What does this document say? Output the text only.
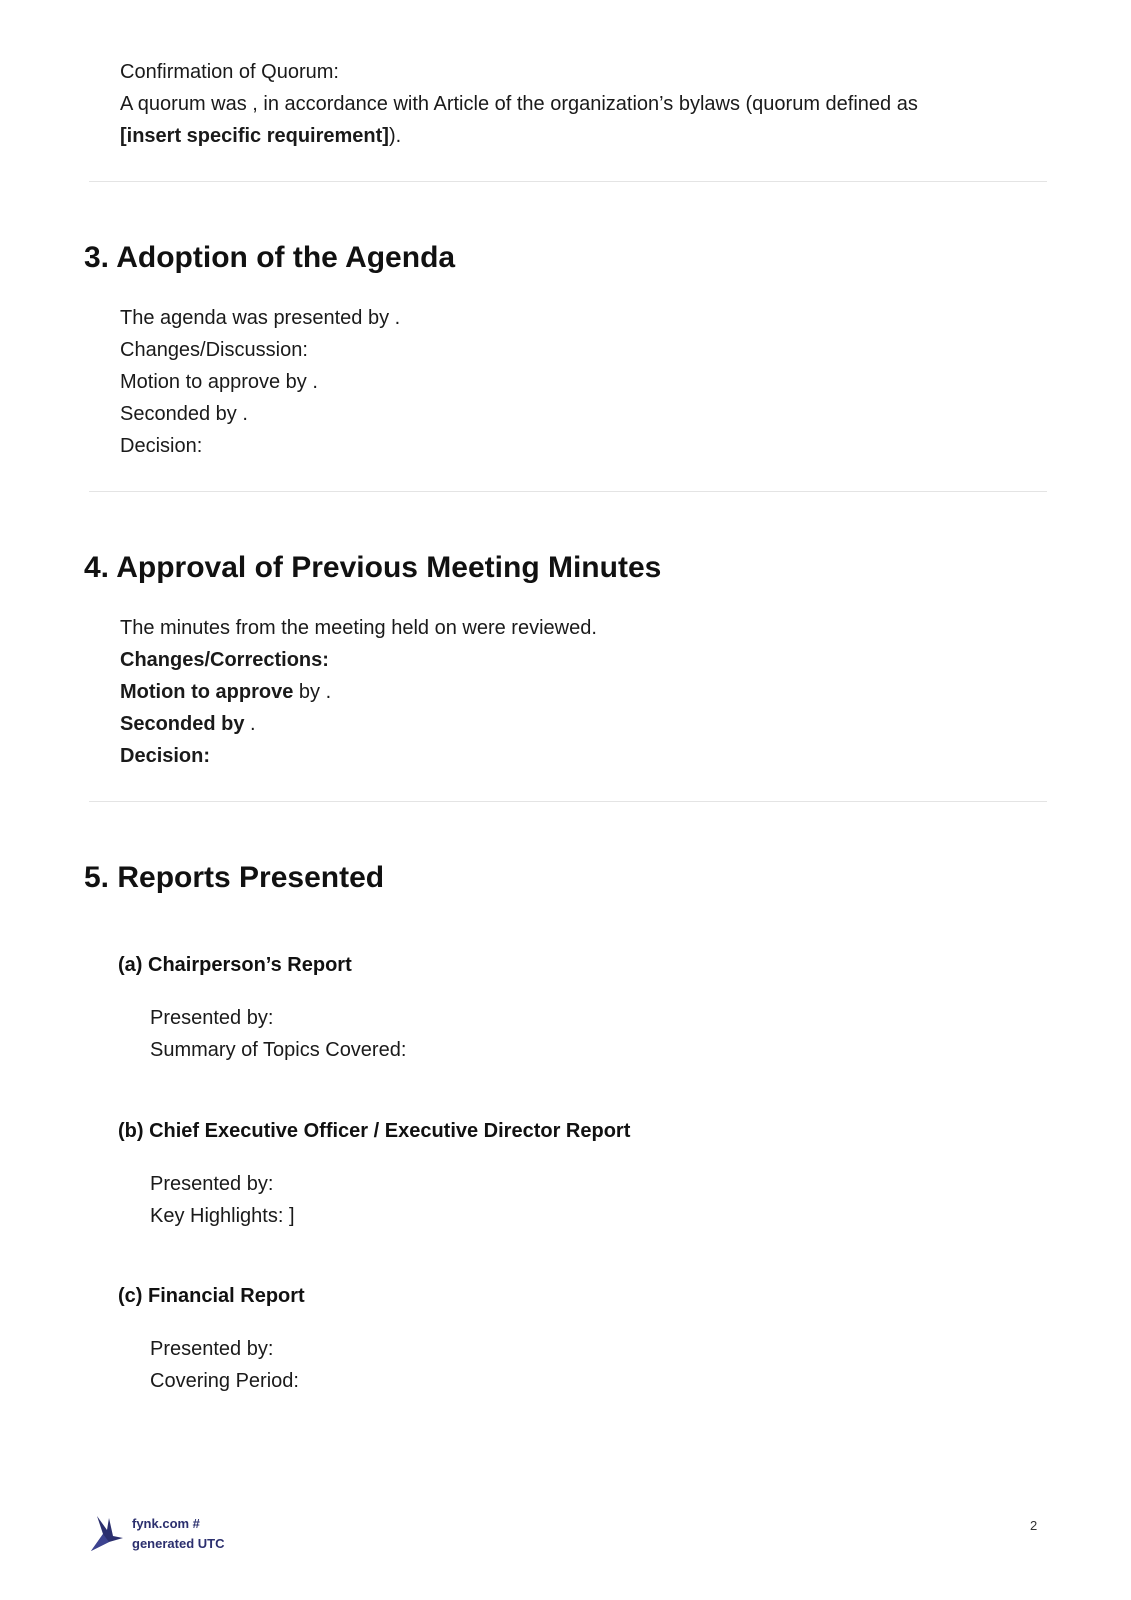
Confirmation of Quorum:
A quorum was , in accordance with Article of the organization’s bylaws (quorum defined as
[insert specific requirement]).
3. Adoption of the Agenda
The agenda was presented by .
Changes/Discussion:
Motion to approve by .
Seconded by .
Decision:
4. Approval of Previous Meeting Minutes
The minutes from the meeting held on were reviewed.
Changes/Corrections:
Motion to approve by .
Seconded by .
Decision:
5. Reports Presented
(a) Chairperson’s Report
Presented by:
Summary of Topics Covered:
(b) Chief Executive Officer / Executive Director Report
Presented by:
Key Highlights: ]
(c) Financial Report
Presented by:
Covering Period:
fynk.com #
generated UTC
2
